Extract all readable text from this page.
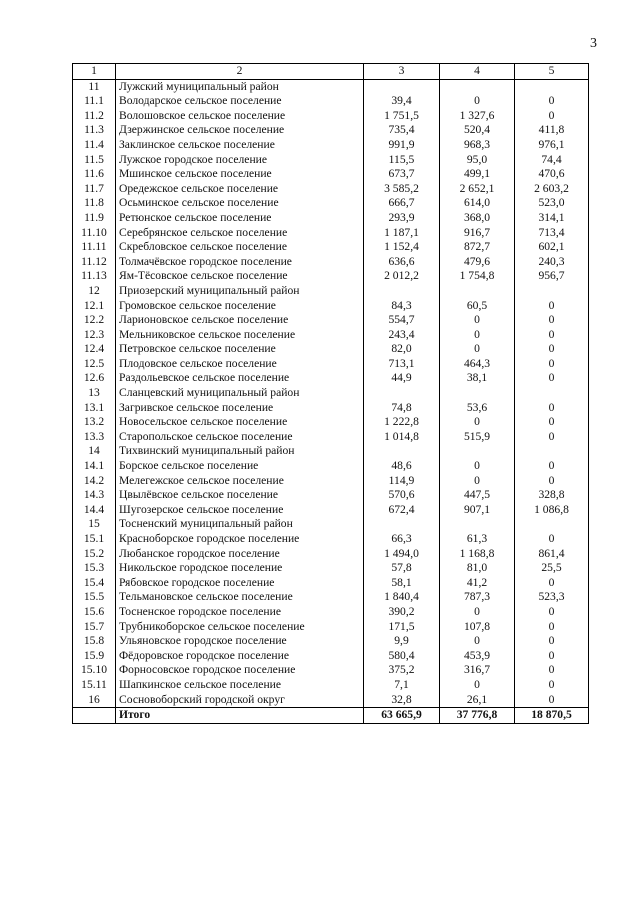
3
1	2	3	4	5
11	Лужский муниципальный район			
11.1	Володарское сельское поселение	39,4	0	0
11.2	Волошовское сельское поселение	1 751,5	1 327,6	0
11.3	Дзержинское сельское поселение	735,4	520,4	411,8
11.4	Заклинское сельское поселение	991,9	968,3	976,1
11.5	Лужское городское поселение	115,5	95,0	74,4
11.6	Мшинское сельское поселение	673,7	499,1	470,6
11.7	Оредежское сельское поселение	3 585,2	2 652,1	2 603,2
11.8	Осьминское сельское поселение	666,7	614,0	523,0
11.9	Ретюнское сельское поселение	293,9	368,0	314,1
11.10	Серебрянское сельское поселение	1 187,1	916,7	713,4
11.11	Скребловское сельское поселение	1 152,4	872,7	602,1
11.12	Толмачёвское городское поселение	636,6	479,6	240,3
11.13	Ям-Тёсовское сельское поселение	2 012,2	1 754,8	956,7
12	Приозерский муниципальный район			
12.1	Громовское сельское поселение	84,3	60,5	0
12.2	Ларионовское сельское поселение	554,7	0	0
12.3	Мельниковское сельское поселение	243,4	0	0
12.4	Петровское сельское поселение	82,0	0	0
12.5	Плодовское сельское поселение	713,1	464,3	0
12.6	Раздольевское сельское поселение	44,9	38,1	0
13	Сланцевский муниципальный район			
13.1	Загривское сельское поселение	74,8	53,6	0
13.2	Новосельское сельское поселение	1 222,8	0	0
13.3	Старопольское сельское поселение	1 014,8	515,9	0
14	Тихвинский муниципальный район			
14.1	Борское сельское поселение	48,6	0	0
14.2	Мелегежское сельское поселение	114,9	0	0
14.3	Цвылёвское сельское поселение	570,6	447,5	328,8
14.4	Шугозерское сельское поселение	672,4	907,1	1 086,8
15	Тосненский муниципальный район			
15.1	Красноборское городское поселение	66,3	61,3	0
15.2	Любанское городское поселение	1 494,0	1 168,8	861,4
15.3	Никольское городское поселение	57,8	81,0	25,5
15.4	Рябовское городское поселение	58,1	41,2	0
15.5	Тельмановское сельское поселение	1 840,4	787,3	523,3
15.6	Тосненское городское поселение	390,2	0	0
15.7	Трубникоборское сельское поселение	171,5	107,8	0
15.8	Ульяновское городское поселение	9,9	0	0
15.9	Фёдоровское городское поселение	580,4	453,9	0
15.10	Форносовское городское поселение	375,2	316,7	0
15.11	Шапкинское сельское поселение	7,1	0	0
16	Сосновоборский городской округ	32,8	26,1	0
	Итого	63 665,9	37 776,8	18 870,5
